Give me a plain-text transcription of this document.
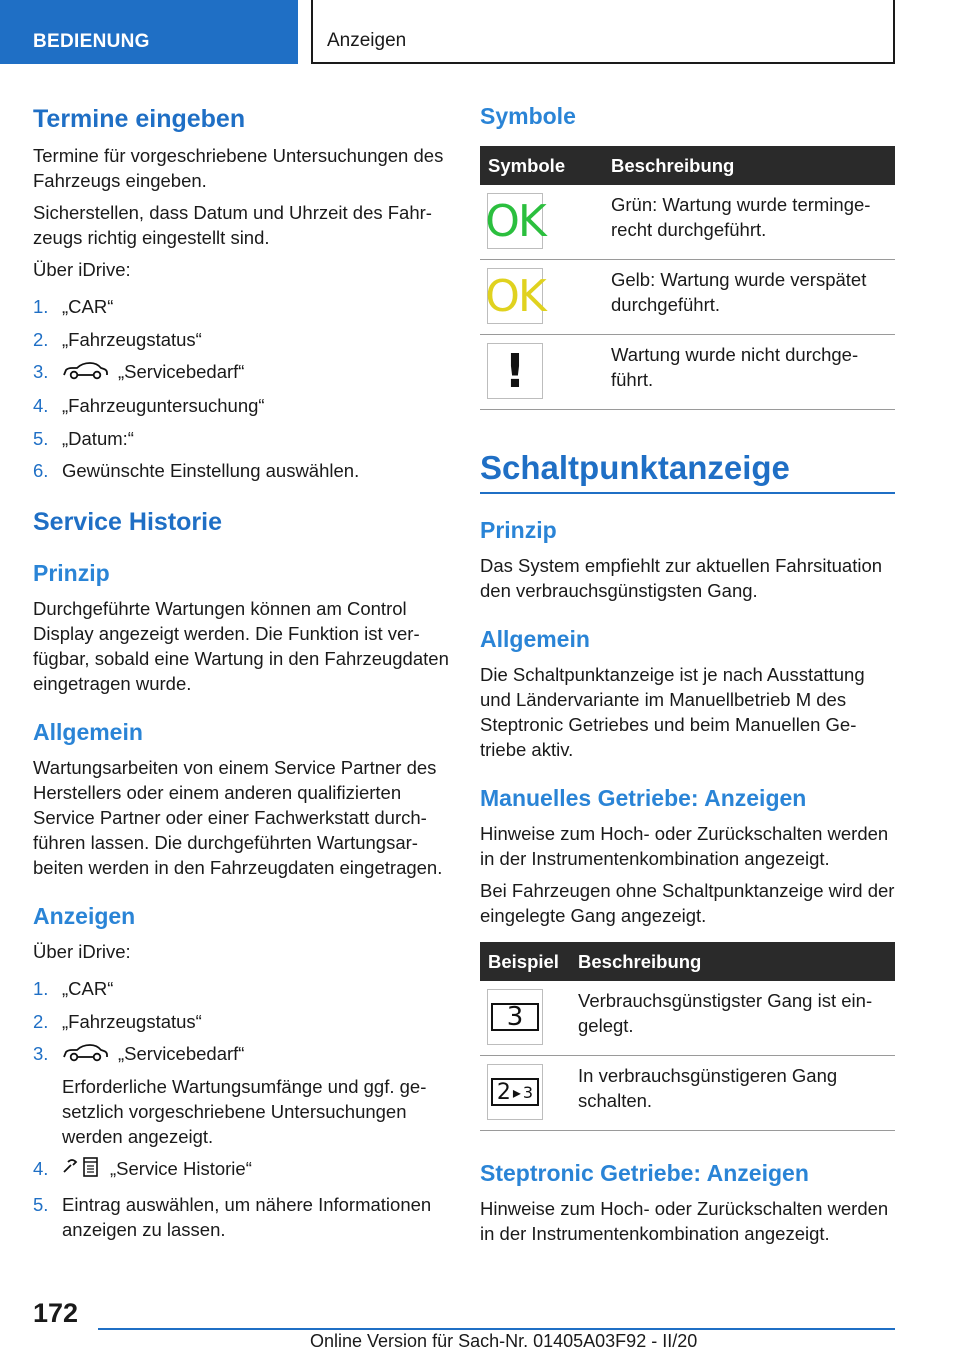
BEDIENUNG	Anzeigen
Termine eingeben

Termine für vorgeschriebene Untersuchungen des Fahrzeugs eingeben.

Sicherstellen, dass Datum und Uhrzeit des Fahrzeugs richtig eingestellt sind.

Über iDrive:

1. „CAR“
2. „Fahrzeugstatus“
3.	„Servicebedarf“
4. „Fahrzeuguntersuchung“
5. „Datum:“
6. Gewünschte Einstellung auswählen.
Service Historie
Prinzip

Durchgeführte Wartungen können am Control Display angezeigt werden. Die Funktion ist verfügbar, sobald eine Wartung in den Fahrzeugdaten eingetragen wurde.

Allgemein

Wartungsarbeiten von einem Service Partner des Herstellers oder einem anderen qualifizierten Service Partner oder einer Fachwerkstatt durchführen lassen. Die durchgeführten Wartungsarbeiten werden in den Fahrzeugdaten eingetragen.

Anzeigen

Über iDrive:

1. „CAR“
2. „Fahrzeugstatus“
3.	„Servicebedarf“
Erforderliche Wartungsumfänge und ggf. gesetzlich vorgeschriebene Untersuchungen werden angezeigt.
4.	„Service Historie“
5. Eintrag auswählen, um nähere Informationen anzeigen zu lassen.
Symbole
Symbole	Beschreibung

OK	Grün: Wartung wurde termingerecht durchgeführt.

OK	Gelb: Wartung wurde verspätet durchgeführt.

!	Wartung wurde nicht durchgeführt.
Schaltpunktanzeige
Prinzip

Das System empfiehlt zur aktuellen Fahrsituation den verbrauchsgünstigsten Gang.

Allgemein

Die Schaltpunktanzeige ist je nach Ausstattung und Ländervariante im Manuellbetrieb M des Steptronic Getriebes und beim Manuellen Getriebe aktiv.

Manuelles Getriebe: Anzeigen

Hinweise zum Hoch- oder Zurückschalten werden in der Instrumentenkombination angezeigt.

Bei Fahrzeugen ohne Schaltpunktanzeige wird der eingelegte Gang angezeigt.

Beispiel	Beschreibung

3	Verbrauchsgünstigster Gang ist eingelegt.

2 ▸ 3	In verbrauchsgünstigeren Gang schalten.
Steptronic Getriebe: Anzeigen

Hinweise zum Hoch- oder Zurückschalten werden in der Instrumentenkombination angezeigt.

172
Online Version für Sach-Nr. 01405A03F92 - II/20
